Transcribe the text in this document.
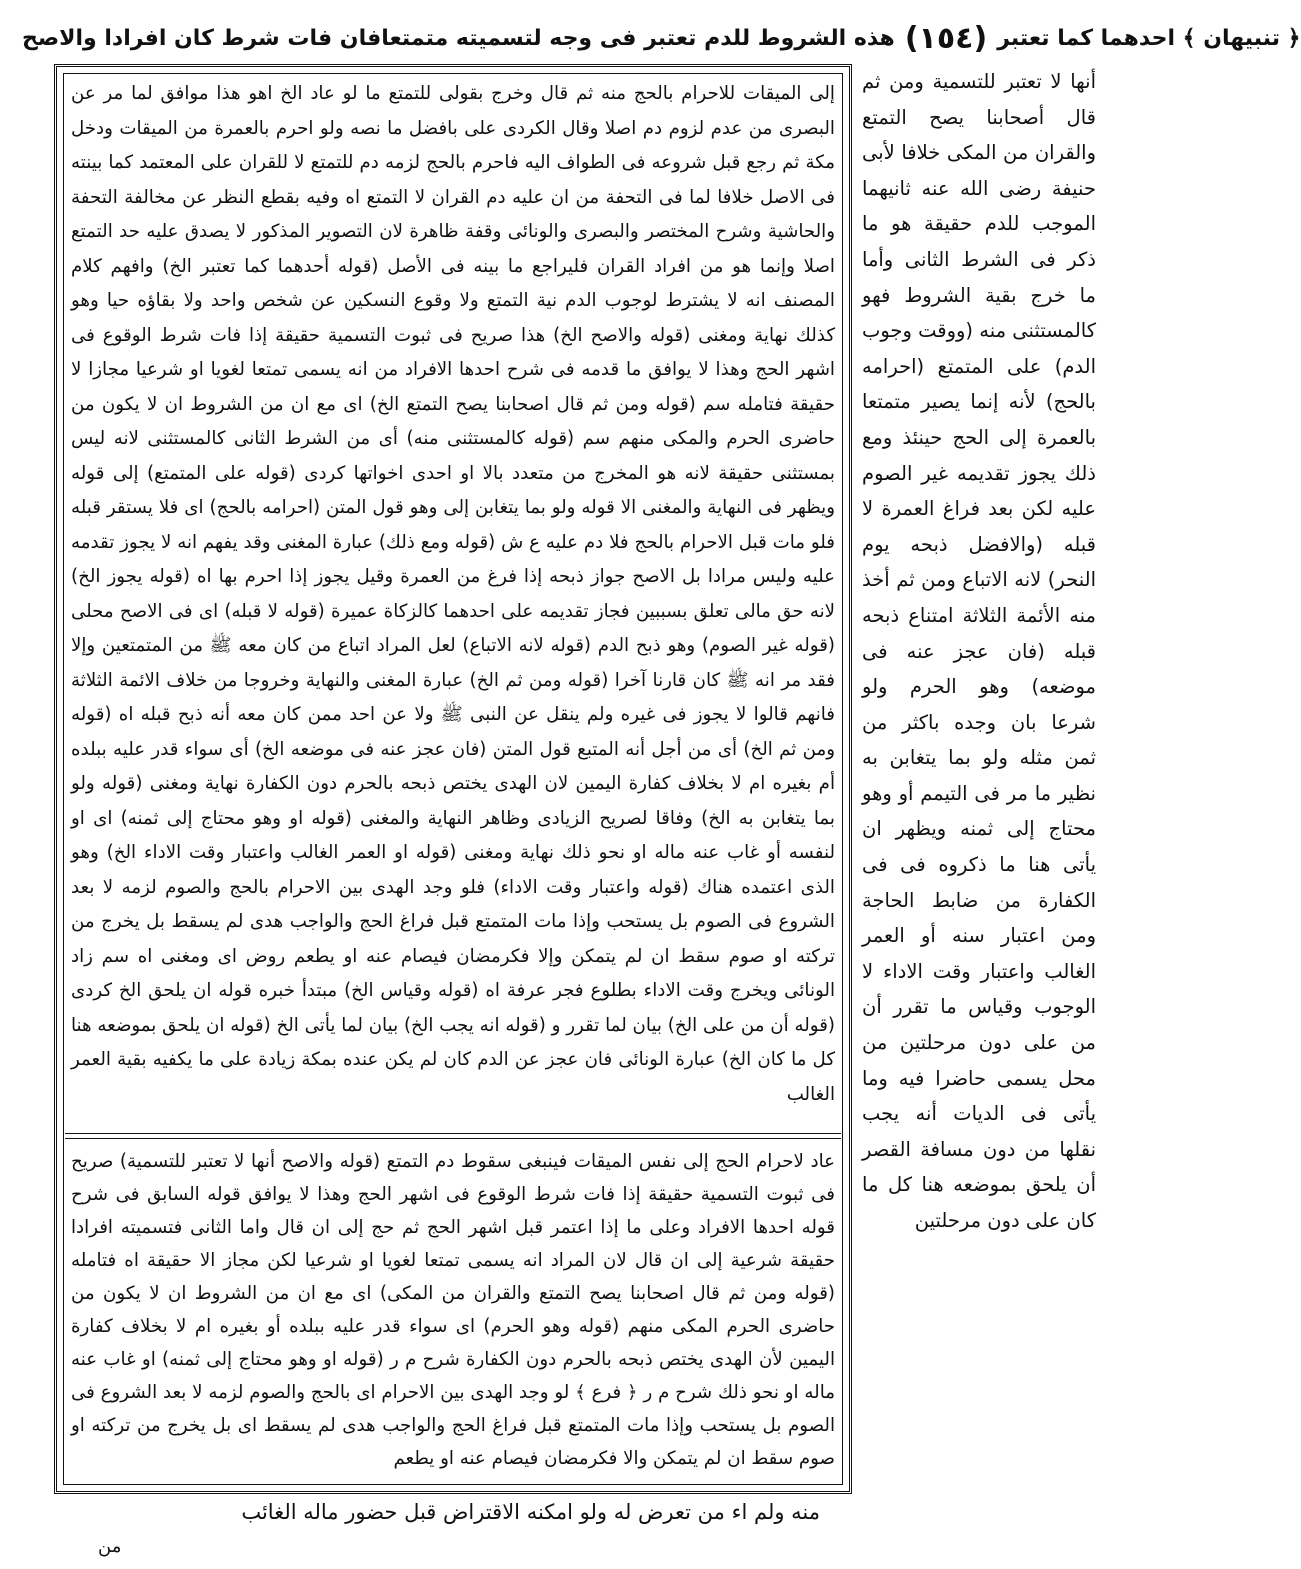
﴿ تنبيهان ﴾ احدهما كما تعتبر
(١٥٤)
هذه الشروط للدم تعتبر فى وجه لتسميته متمتعافان فات شرط كان افرادا والاصح
أنها لا تعتبر للتسمية ومن ثم قال أصحابنا يصح التمتع والقران من المكى خلافا لأبى حنيفة رضى الله عنه ثانيهما الموجب للدم حقيقة هو ما ذكر فى الشرط الثانى وأما ما خرج بقية الشروط فهو كالمستثنى منه (ووقت وجوب الدم) على المتمتع (احرامه بالحج) لأنه إنما يصير متمتعا بالعمرة إلى الحج حينئذ ومع ذلك يجوز تقديمه غير الصوم عليه لكن بعد فراغ العمرة لا قبله (والافضل ذبحه يوم النحر) لانه الاتباع ومن ثم أخذ منه الأئمة الثلاثة امتناع ذبحه قبله (فان عجز عنه فى موضعه) وهو الحرم ولو شرعا بان وجده باكثر من ثمن مثله ولو بما يتغابن به نظير ما مر فى التيمم أو وهو محتاج إلى ثمنه ويظهر ان يأتى هنا ما ذكروه فى فى الكفارة من ضابط الحاجة ومن اعتبار سنه أو العمر الغالب واعتبار وقت الاداء لا الوجوب وقياس ما تقرر أن من على دون مرحلتين من محل يسمى حاضرا فيه وما يأتى فى الديات أنه يجب نقلها من دون مسافة القصر أن يلحق بموضعه هنا كل ما كان على دون مرحلتين
إلى الميقات للاحرام بالحج منه ثم قال وخرج بقولى للتمتع ما لو عاد الخ اهو هذا موافق لما مر عن البصرى من عدم لزوم دم اصلا وقال الكردى على بافضل ما نصه ولو احرم بالعمرة من الميقات ودخل مكة ثم رجع قبل شروعه فى الطواف اليه فاحرم بالحج لزمه دم للتمتع لا للقران على المعتمد كما بينته فى الاصل خلافا لما فى التحفة من ان عليه دم القران لا التمتع اه وفيه بقطع النظر عن مخالفة التحفة والحاشية وشرح المختصر والبصرى والونائى وقفة ظاهرة لان التصوير المذكور لا يصدق عليه حد التمتع اصلا وإنما هو من افراد القران فليراجع ما بينه فى الأصل (قوله أحدهما كما تعتبر الخ) وافهم كلام المصنف انه لا يشترط لوجوب الدم نية التمتع ولا وقوع النسكين عن شخص واحد ولا بقاؤه حيا وهو كذلك نهاية ومغنى (قوله والاصح الخ) هذا صريح فى ثبوت التسمية حقيقة إذا فات شرط الوقوع فى اشهر الحج وهذا لا يوافق ما قدمه فى شرح احدها الافراد من انه يسمى تمتعا لغويا او شرعيا مجازا لا حقيقة فتامله سم (قوله ومن ثم قال اصحابنا يصح التمتع الخ) اى مع ان من الشروط ان لا يكون من حاضرى الحرم والمكى منهم سم (قوله كالمستثنى منه) أى من الشرط الثانى كالمستثنى لانه ليس بمستثنى حقيقة لانه هو المخرج من متعدد بالا او احدى اخواتها كردى (قوله على المتمتع) إلى قوله ويظهر فى النهاية والمغنى الا قوله ولو بما يتغابن إلى وهو قول المتن (احرامه بالحج) اى فلا يستقر قبله فلو مات قبل الاحرام بالحج فلا دم عليه ع ش (قوله ومع ذلك) عبارة المغنى وقد يفهم انه لا يجوز تقدمه عليه وليس مرادا بل الاصح جواز ذبحه إذا فرغ من العمرة وقيل يجوز إذا احرم بها اه (قوله يجوز الخ) لانه حق مالى تعلق بسببين فجاز تقديمه على احدهما كالزكاة عميرة (قوله لا قبله) اى فى الاصح محلى (قوله غير الصوم) وهو ذبح الدم (قوله لانه الاتباع) لعل المراد اتباع من كان معه ﷺ من المتمتعين وإلا فقد مر انه ﷺ كان قارنا آخرا (قوله ومن ثم الخ) عبارة المغنى والنهاية وخروجا من خلاف الائمة الثلاثة فانهم قالوا لا يجوز فى غيره ولم ينقل عن النبى ﷺ ولا عن احد ممن كان معه أنه ذبح قبله اه (قوله ومن ثم الخ) أى من أجل أنه المتبع قول المتن (فان عجز عنه فى موضعه الخ) أى سواء قدر عليه ببلده أم بغيره ام لا بخلاف كفارة اليمين لان الهدى يختص ذبحه بالحرم دون الكفارة نهاية ومغنى (قوله ولو بما يتغابن به الخ) وفاقا لصريح الزيادى وظاهر النهاية والمغنى (قوله او وهو محتاج إلى ثمنه) اى او لنفسه أو غاب عنه ماله او نحو ذلك نهاية ومغنى (قوله او العمر الغالب واعتبار وقت الاداء الخ) وهو الذى اعتمده هناك (قوله واعتبار وقت الاداء) فلو وجد الهدى بين الاحرام بالحج والصوم لزمه لا بعد الشروع فى الصوم بل يستحب وإذا مات المتمتع قبل فراغ الحج والواجب هدى لم يسقط بل يخرج من تركته او صوم سقط ان لم يتمكن وإلا فكرمضان فيصام عنه او يطعم روض اى ومغنى اه سم زاد الونائى ويخرج وقت الاداء بطلوع فجر عرفة اه (قوله وقياس الخ) مبتدأ خبره قوله ان يلحق الخ كردى (قوله أن من على الخ) بيان لما تقرر و (قوله انه يجب الخ) بيان لما يأتى الخ (قوله ان يلحق بموضعه هنا كل ما كان الخ) عبارة الونائى فان عجز عن الدم كان لم يكن عنده بمكة زيادة على ما يكفيه بقية العمر الغالب
عاد لاحرام الحج إلى نفس الميقات فينبغى سقوط دم التمتع (قوله والاصح أنها لا تعتبر للتسمية) صريح فى ثبوت التسمية حقيقة إذا فات شرط الوقوع فى اشهر الحج وهذا لا يوافق قوله السابق فى شرح قوله احدها الافراد وعلى ما إذا اعتمر قبل اشهر الحج ثم حج إلى ان قال واما الثانى فتسميته افرادا حقيقة شرعية إلى ان قال لان المراد انه يسمى تمتعا لغويا او شرعيا لكن مجاز الا حقيقة اه فتامله (قوله ومن ثم قال اصحابنا يصح التمتع والقران من المكى) اى مع ان من الشروط ان لا يكون من حاضرى الحرم المكى منهم (قوله وهو الحرم) اى سواء قدر عليه ببلده أو بغيره ام لا بخلاف كفارة اليمين لأن الهدى يختص ذبحه بالحرم دون الكفارة شرح م ر (قوله او وهو محتاج إلى ثمنه) او غاب عنه ماله او نحو ذلك شرح م ر ﴿ فرع ﴾ لو وجد الهدى بين الاحرام اى بالحج والصوم لزمه لا بعد الشروع فى الصوم بل يستحب وإذا مات المتمتع قبل فراغ الحج والواجب هدى لم يسقط اى بل يخرج من تركته او صوم سقط ان لم يتمكن والا فكرمضان فيصام عنه او يطعم
منه ولم اء من تعرض له ولو امكنه الاقتراض قبل حضور ماله الغائب
من
